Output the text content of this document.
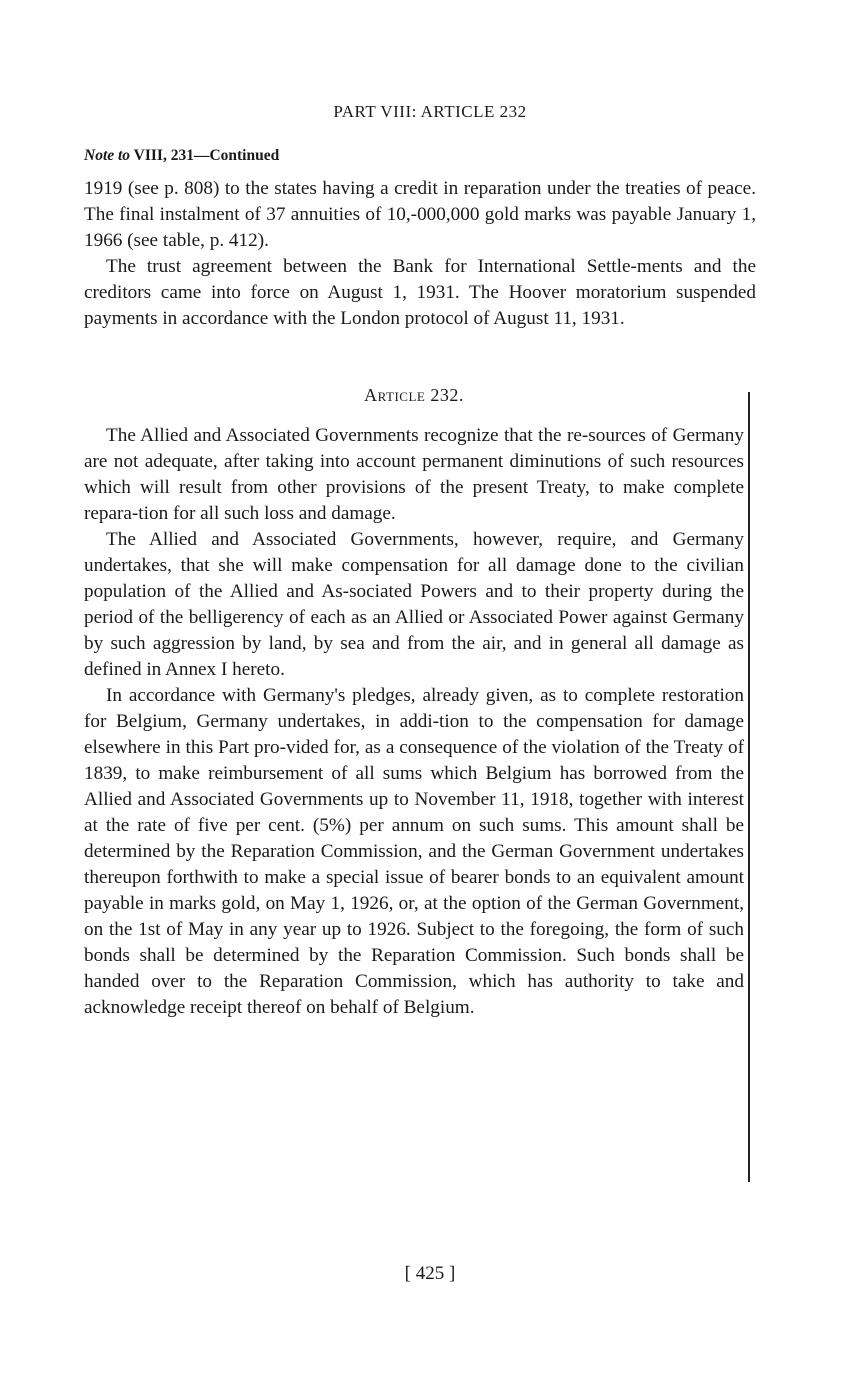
PART VIII: ARTICLE 232
Note to VIII, 231—Continued

1919 (see p. 808) to the states having a credit in reparation under the treaties of peace. The final instalment of 37 annuities of 10,-000,000 gold marks was payable January 1, 1966 (see table, p. 412).

The trust agreement between the Bank for International Settle-ments and the creditors came into force on August 1, 1931. The Hoover moratorium suspended payments in accordance with the London protocol of August 11, 1931.

Article 232.

The Allied and Associated Governments recognize that the re-sources of Germany are not adequate, after taking into account permanent diminutions of such resources which will result from other provisions of the present Treaty, to make complete repara-tion for all such loss and damage.

The Allied and Associated Governments, however, require, and Germany undertakes, that she will make compensation for all damage done to the civilian population of the Allied and As-sociated Powers and to their property during the period of the belligerency of each as an Allied or Associated Power against Germany by such aggression by land, by sea and from the air, and in general all damage as defined in Annex I hereto.

In accordance with Germany's pledges, already given, as to complete restoration for Belgium, Germany undertakes, in addi-tion to the compensation for damage elsewhere in this Part pro-vided for, as a consequence of the violation of the Treaty of 1839, to make reimbursement of all sums which Belgium has borrowed from the Allied and Associated Governments up to November 11, 1918, together with interest at the rate of five per cent. (5%) per annum on such sums. This amount shall be determined by the Reparation Commission, and the German Government undertakes thereupon forthwith to make a special issue of bearer bonds to an equivalent amount payable in marks gold, on May 1, 1926, or, at the option of the German Government, on the 1st of May in any year up to 1926. Subject to the foregoing, the form of such bonds shall be determined by the Reparation Commission. Such bonds shall be handed over to the Reparation Commission, which has authority to take and acknowledge receipt thereof on behalf of Belgium.

[ 425 ]
